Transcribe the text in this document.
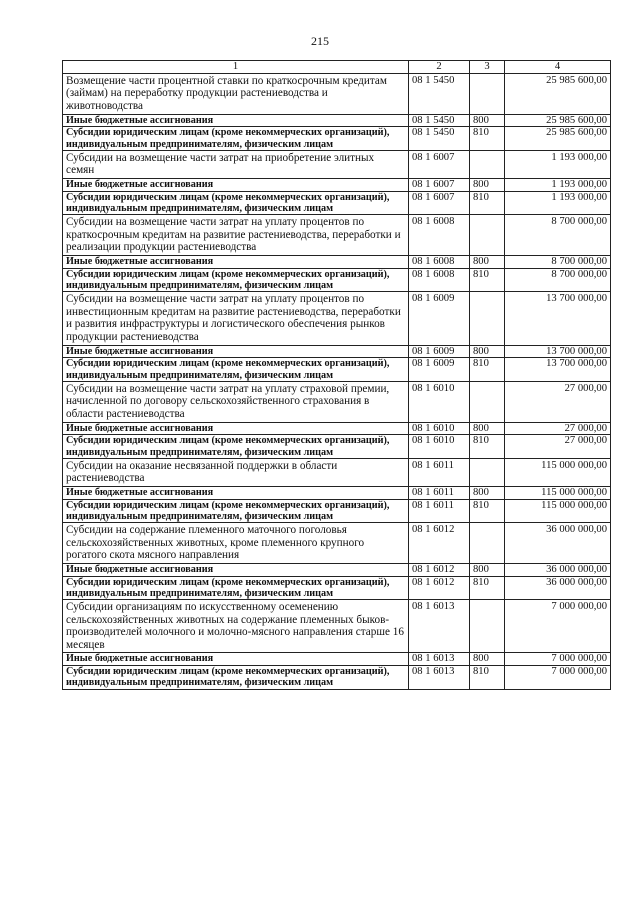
215
1	2	3	4
Возмещение части процентной ставки по краткосрочным кредитам (займам) на переработку продукции растениеводства и животноводства	08 1 5450		25 985 600,00
Иные бюджетные ассигнования	08 1 5450	800	25 985 600,00
Субсидии юридическим лицам (кроме некоммерческих организаций), индивидуальным предпринимателям, физическим лицам	08 1 5450	810	25 985 600,00
Субсидии на возмещение части затрат на приобретение элитных семян	08 1 6007		1 193 000,00
Иные бюджетные ассигнования	08 1 6007	800	1 193 000,00
Субсидии юридическим лицам (кроме некоммерческих организаций), индивидуальным предпринимателям, физическим лицам	08 1 6007	810	1 193 000,00
Субсидии на возмещение части затрат на уплату процентов по краткосрочным кредитам на развитие растениеводства, переработки и реализации продукции растениеводства	08 1 6008		8 700 000,00
Иные бюджетные ассигнования	08 1 6008	800	8 700 000,00
Субсидии юридическим лицам (кроме некоммерческих организаций), индивидуальным предпринимателям, физическим лицам	08 1 6008	810	8 700 000,00
Субсидии на возмещение части затрат на уплату процентов по инвестиционным кредитам на развитие растениеводства, переработки и развития инфраструктуры и логистического обеспечения рынков продукции растениеводства	08 1 6009		13 700 000,00
Иные бюджетные ассигнования	08 1 6009	800	13 700 000,00
Субсидии юридическим лицам (кроме некоммерческих организаций), индивидуальным предпринимателям, физическим лицам	08 1 6009	810	13 700 000,00
Субсидии на возмещение части затрат на уплату страховой премии, начисленной по договору сельскохозяйственного страхования в области растениеводства	08 1 6010		27 000,00
Иные бюджетные ассигнования	08 1 6010	800	27 000,00
Субсидии юридическим лицам (кроме некоммерческих организаций), индивидуальным предпринимателям, физическим лицам	08 1 6010	810	27 000,00
Субсидии на оказание несвязанной поддержки в области растениеводства	08 1 6011		115 000 000,00
Иные бюджетные ассигнования	08 1 6011	800	115 000 000,00
Субсидии юридическим лицам (кроме некоммерческих организаций), индивидуальным предпринимателям, физическим лицам	08 1 6011	810	115 000 000,00
Субсидии на содержание племенного маточного поголовья сельскохозяйственных животных, кроме племенного крупного рогатого скота мясного направления	08 1 6012		36 000 000,00
Иные бюджетные ассигнования	08 1 6012	800	36 000 000,00
Субсидии юридическим лицам (кроме некоммерческих организаций), индивидуальным предпринимателям, физическим лицам	08 1 6012	810	36 000 000,00
Субсидии организациям по искусственному осеменению сельскохозяйственных животных на содержание племенных быков-производителей молочного и молочно-мясного направления старше 16 месяцев	08 1 6013		7 000 000,00
Иные бюджетные ассигнования	08 1 6013	800	7 000 000,00
Субсидии юридическим лицам (кроме некоммерческих организаций), индивидуальным предпринимателям, физическим лицам	08 1 6013	810	7 000 000,00
